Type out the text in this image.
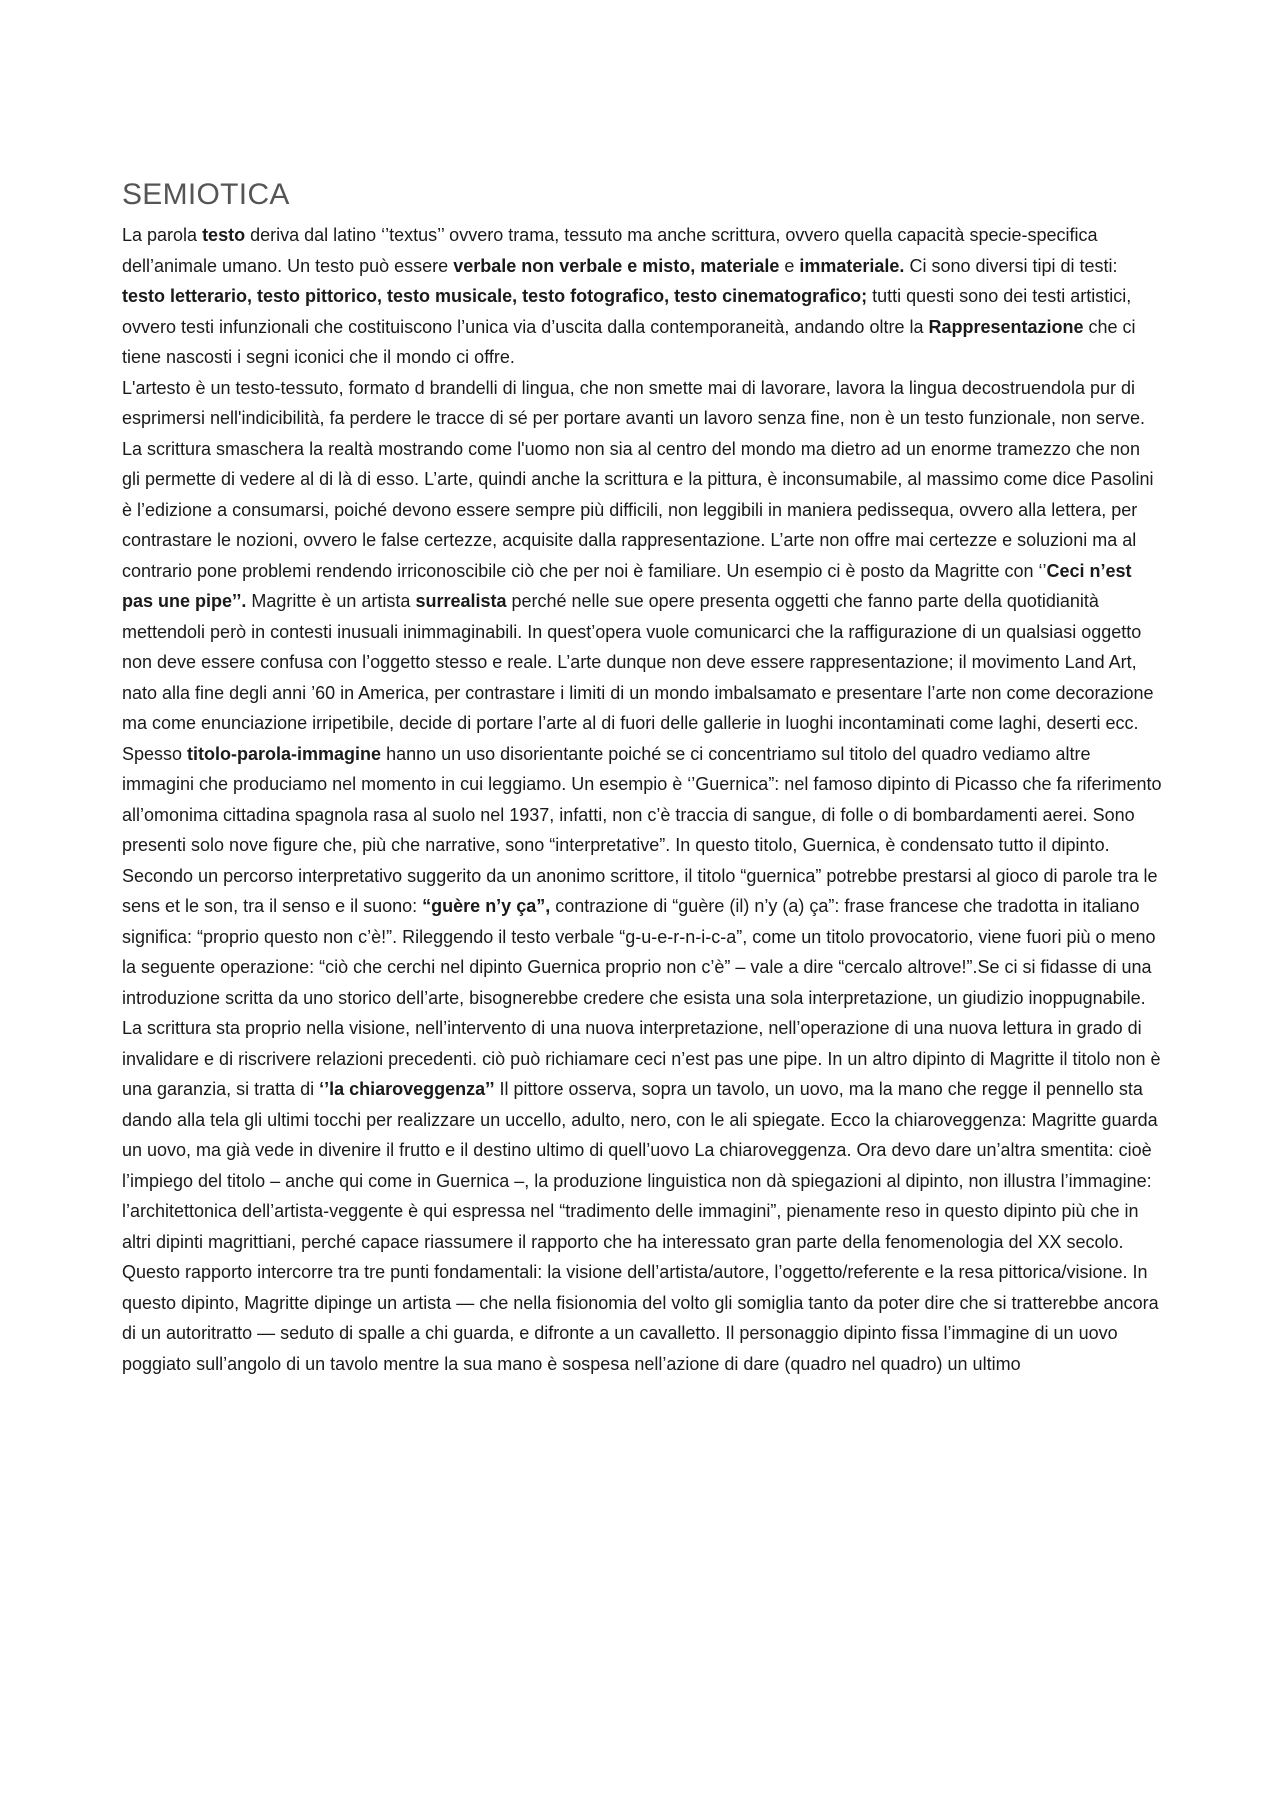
SEMIOTICA

La parola testo deriva dal latino ‘’textus’’ ovvero trama, tessuto ma anche scrittura, ovvero quella capacità specie-specifica dell’animale umano. Un testo può essere verbale non verbale e misto, materiale e immateriale. Ci sono diversi tipi di testi: testo letterario, testo pittorico, testo musicale, testo fotografico, testo cinematografico; tutti questi sono dei testi artistici, ovvero testi infunzionali che costituiscono l’unica via d’uscita dalla contemporaneità, andando oltre la Rappresentazione che ci tiene nascosti i segni iconici che il mondo ci offre.

L'artesto è un testo-tessuto, formato d brandelli di lingua, che non smette mai di lavorare, lavora la lingua decostruendola pur di esprimersi nell'indicibilità, fa perdere le tracce di sé per portare avanti un lavoro senza fine, non è un testo funzionale, non serve. La scrittura smaschera la realtà mostrando come l'uomo non sia al centro del mondo ma dietro ad un enorme tramezzo che non gli permette di vedere al di là di esso. L’arte, quindi anche la scrittura e la pittura, è inconsumabile, al massimo come dice Pasolini è l’edizione a consumarsi, poiché devono essere sempre più difficili, non leggibili in maniera pedissequa, ovvero alla lettera, per contrastare le nozioni, ovvero le false certezze, acquisite dalla rappresentazione. L’arte non offre mai certezze e soluzioni ma al contrario pone problemi rendendo irriconoscibile ciò che per noi è familiare. Un esempio ci è posto da Magritte con ‘’Ceci n’est pas une pipe’’. Magritte è un artista surrealista perché nelle sue opere presenta oggetti che fanno parte della quotidianità mettendoli però in contesti inusuali inimmaginabili. In quest’opera vuole comunicarci che la raffigurazione di un qualsiasi oggetto non deve essere confusa con l’oggetto stesso e reale. L’arte dunque non deve essere rappresentazione; il movimento Land Art, nato alla fine degli anni ’60 in America, per contrastare i limiti di un mondo imbalsamato e presentare l’arte non come decorazione ma come enunciazione irripetibile, decide di portare l’arte al di fuori delle gallerie in luoghi incontaminati come laghi, deserti ecc.

Spesso titolo-parola-immagine hanno un uso disorientante poiché se ci concentriamo sul titolo del quadro vediamo altre immagini che produciamo nel momento in cui leggiamo. Un esempio è ‘’Guernica”: nel famoso dipinto di Picasso che fa riferimento all’omonima cittadina spagnola rasa al suolo nel 1937, infatti, non c’è traccia di sangue, di folle o di bombardamenti aerei. Sono presenti solo nove figure che, più che narrative, sono “interpretative”. In questo titolo, Guernica, è condensato tutto il dipinto. Secondo un percorso interpretativo suggerito da un anonimo scrittore, il titolo “guernica” potrebbe prestarsi al gioco di parole tra le sens et le son, tra il senso e il suono: “guère n’y ça”, contrazione di “guère (il) n’y (a) ça”: frase francese che tradotta in italiano significa: “proprio questo non c’è!”. Rileggendo il testo verbale “g-u-e-r-n-i-c-a”, come un titolo provocatorio, viene fuori più o meno la seguente operazione: “ciò che cerchi nel dipinto Guernica proprio non c’è” – vale a dire “cercalo altrove!”.Se ci si fidasse di una introduzione scritta da uno storico dell’arte, bisognerebbe credere che esista una sola interpretazione, un giudizio inoppugnabile. La scrittura sta proprio nella visione, nell’intervento di una nuova interpretazione, nell’operazione di una nuova lettura in grado di invalidare e di riscrivere relazioni precedenti. ciò può richiamare ceci n’est pas une pipe. In un altro dipinto di Magritte il titolo non è una garanzia, si tratta di ‘’la chiaroveggenza’’ Il pittore osserva, sopra un tavolo, un uovo, ma la mano che regge il pennello sta dando alla tela gli ultimi tocchi per realizzare un uccello, adulto, nero, con le ali spiegate. Ecco la chiaroveggenza: Magritte guarda un uovo, ma già vede in divenire il frutto e il destino ultimo di quell’uovo La chiaroveggenza. Ora devo dare un’altra smentita: cioè l’impiego del titolo – anche qui come in Guernica –, la produzione linguistica non dà spiegazioni al dipinto, non illustra l’immagine: l’architettonica dell’artista-veggente è qui espressa nel “tradimento delle immagini”, pienamente reso in questo dipinto più che in altri dipinti magrittiani, perché capace riassumere il rapporto che ha interessato gran parte della fenomenologia del XX secolo. Questo rapporto intercorre tra tre punti fondamentali: la visione dell’artista/autore, l’oggetto/referente e la resa pittorica/visione. In questo dipinto, Magritte dipinge un artista — che nella fisionomia del volto gli somiglia tanto da poter dire che si tratterebbe ancora di un autoritratto — seduto di spalle a chi guarda, e difronte a un cavalletto. Il personaggio dipinto fissa l’immagine di un uovo poggiato sull’angolo di un tavolo mentre la sua mano è sospesa nell’azione di dare (quadro nel quadro) un ultimo
